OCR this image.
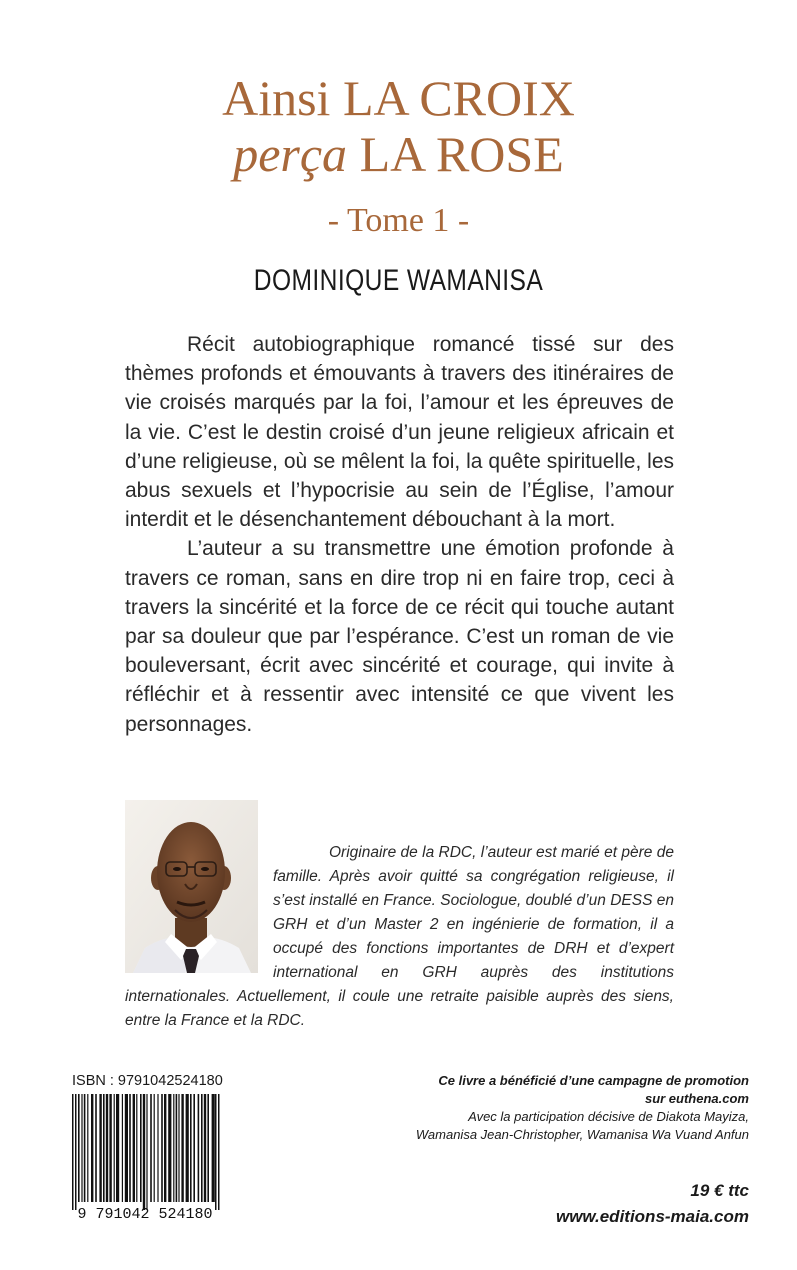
Ainsi LA CROIX
perça LA ROSE
- Tome 1 -
DOMINIQUE WAMANISA

Récit autobiographique romancé tissé sur des thèmes profonds et émouvants à travers des itinéraires de vie croisés marqués par la foi, l’amour et les épreuves de la vie. C’est le destin croisé d’un jeune religieux africain et d’une religieuse, où se mêlent la foi, la quête spirituelle, les abus sexuels et l’hypocrisie au sein de l’Église, l’amour interdit et le désenchantement débouchant à la mort.

L’auteur a su transmettre une émotion profonde à travers ce roman, sans en dire trop ni en faire trop, ceci à travers la sincérité et la force de ce récit qui touche autant par sa douleur que par l’espérance. C’est un roman de vie bouleversant, écrit avec sincérité et courage, qui invite à réfléchir et à ressentir avec intensité ce que vivent les personnages.

Originaire de la RDC, l’auteur est marié et père de famille. Après avoir quitté sa congrégation religieuse, il s’est installé en France. Sociologue, doublé d’un DESS en GRH et d’un Master 2 en ingénierie de formation, il a occupé des fonctions importantes de DRH et d’expert international en GRH auprès des institutions internationales. Actuellement, il coule une retraite paisible auprès des siens, entre la France et la RDC.

ISBN : 9791042524180
9 791042 524180
Ce livre a bénéficié d’une campagne de promotion
sur euthena.com
Avec la participation décisive de Diakota Mayiza,
Wamanisa Jean-Christopher, Wamanisa Wa Vuand Anfun
19 € ttc
www.editions-maia.com
